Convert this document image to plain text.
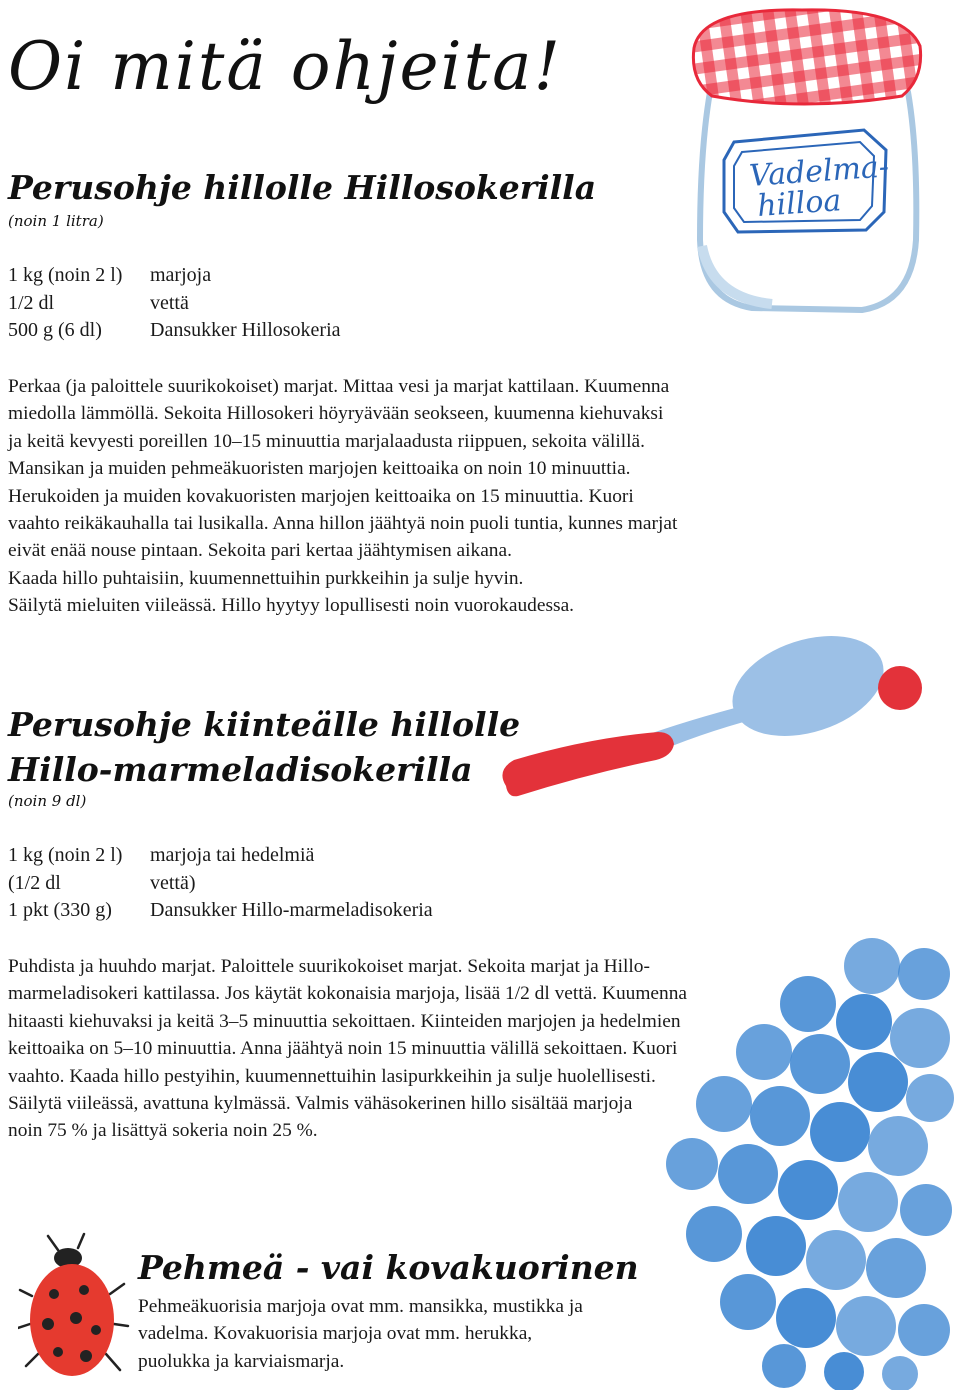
Oi mitä ohjeita!
Perusohje hillolle Hillosokerilla
(noin 1 litra)
1 kg (noin 2 l)	marjoja
1/2 dl	vettä
500 g (6 dl)	Dansukker Hillosokeria

Perkaa (ja paloittele suurikokoiset) marjat. Mittaa vesi ja marjat kattilaan. Kuumenna
miedolla lämmöllä. Sekoita Hillosokeri höyryävään seokseen, kuumenna kiehuvaksi
ja keitä kevyesti poreillen 10–15 minuuttia marjalaadusta riippuen, sekoita välillä.
Mansikan ja muiden pehmeäkuoristen marjojen keittoaika on noin 10 minuuttia.
Herukoiden ja muiden kovakuoristen marjojen keittoaika on 15 minuuttia. Kuori
vaahto reikäkauhalla tai lusikalla. Anna hillon jäähtyä noin puoli tuntia, kunnes marjat
eivät enää nouse pintaan. Sekoita pari kertaa jäähtymisen aikana.
Kaada hillo puhtaisiin, kuumennettuihin purkkeihin ja sulje hyvin.
Säilytä mieluiten viileässä. Hillo hyytyy lopullisesti noin vuorokaudessa.

Perusohje kiinteälle hillolle
Hillo-marmeladisokerilla
(noin 9 dl)
1 kg (noin 2 l)	marjoja tai hedelmiä
(1/2 dl	vettä)
1 pkt (330 g)	Dansukker Hillo-marmeladisokeria

Puhdista ja huuhdo marjat. Paloittele suurikokoiset marjat. Sekoita marjat ja Hillo-
marmeladisokeri kattilassa. Jos käytät kokonaisia marjoja, lisää 1/2 dl vettä. Kuumenna
hitaasti kiehuvaksi ja keitä 3–5 minuuttia sekoittaen. Kiinteiden marjojen ja hedelmien
keittoaika on 5–10 minuuttia. Anna jäähtyä noin 15 minuuttia välillä sekoittaen. Kuori
vaahto. Kaada hillo pestyihin, kuumennettuihin lasipurkkeihin ja sulje huolellisesti.
Säilytä viileässä, avattuna kylmässä. Valmis vähäsokerinen hillo sisältää marjoja
noin 75 % ja lisättyä sokeria noin 25 %.

Pehmeä - vai kovakuorinen

Pehmeäkuorisia marjoja ovat mm. mansikka, mustikka ja
vadelma. Kovakuorisia marjoja ovat mm. herukka,
puolukka ja karviaismarja.

Vadelma-
hilloa
